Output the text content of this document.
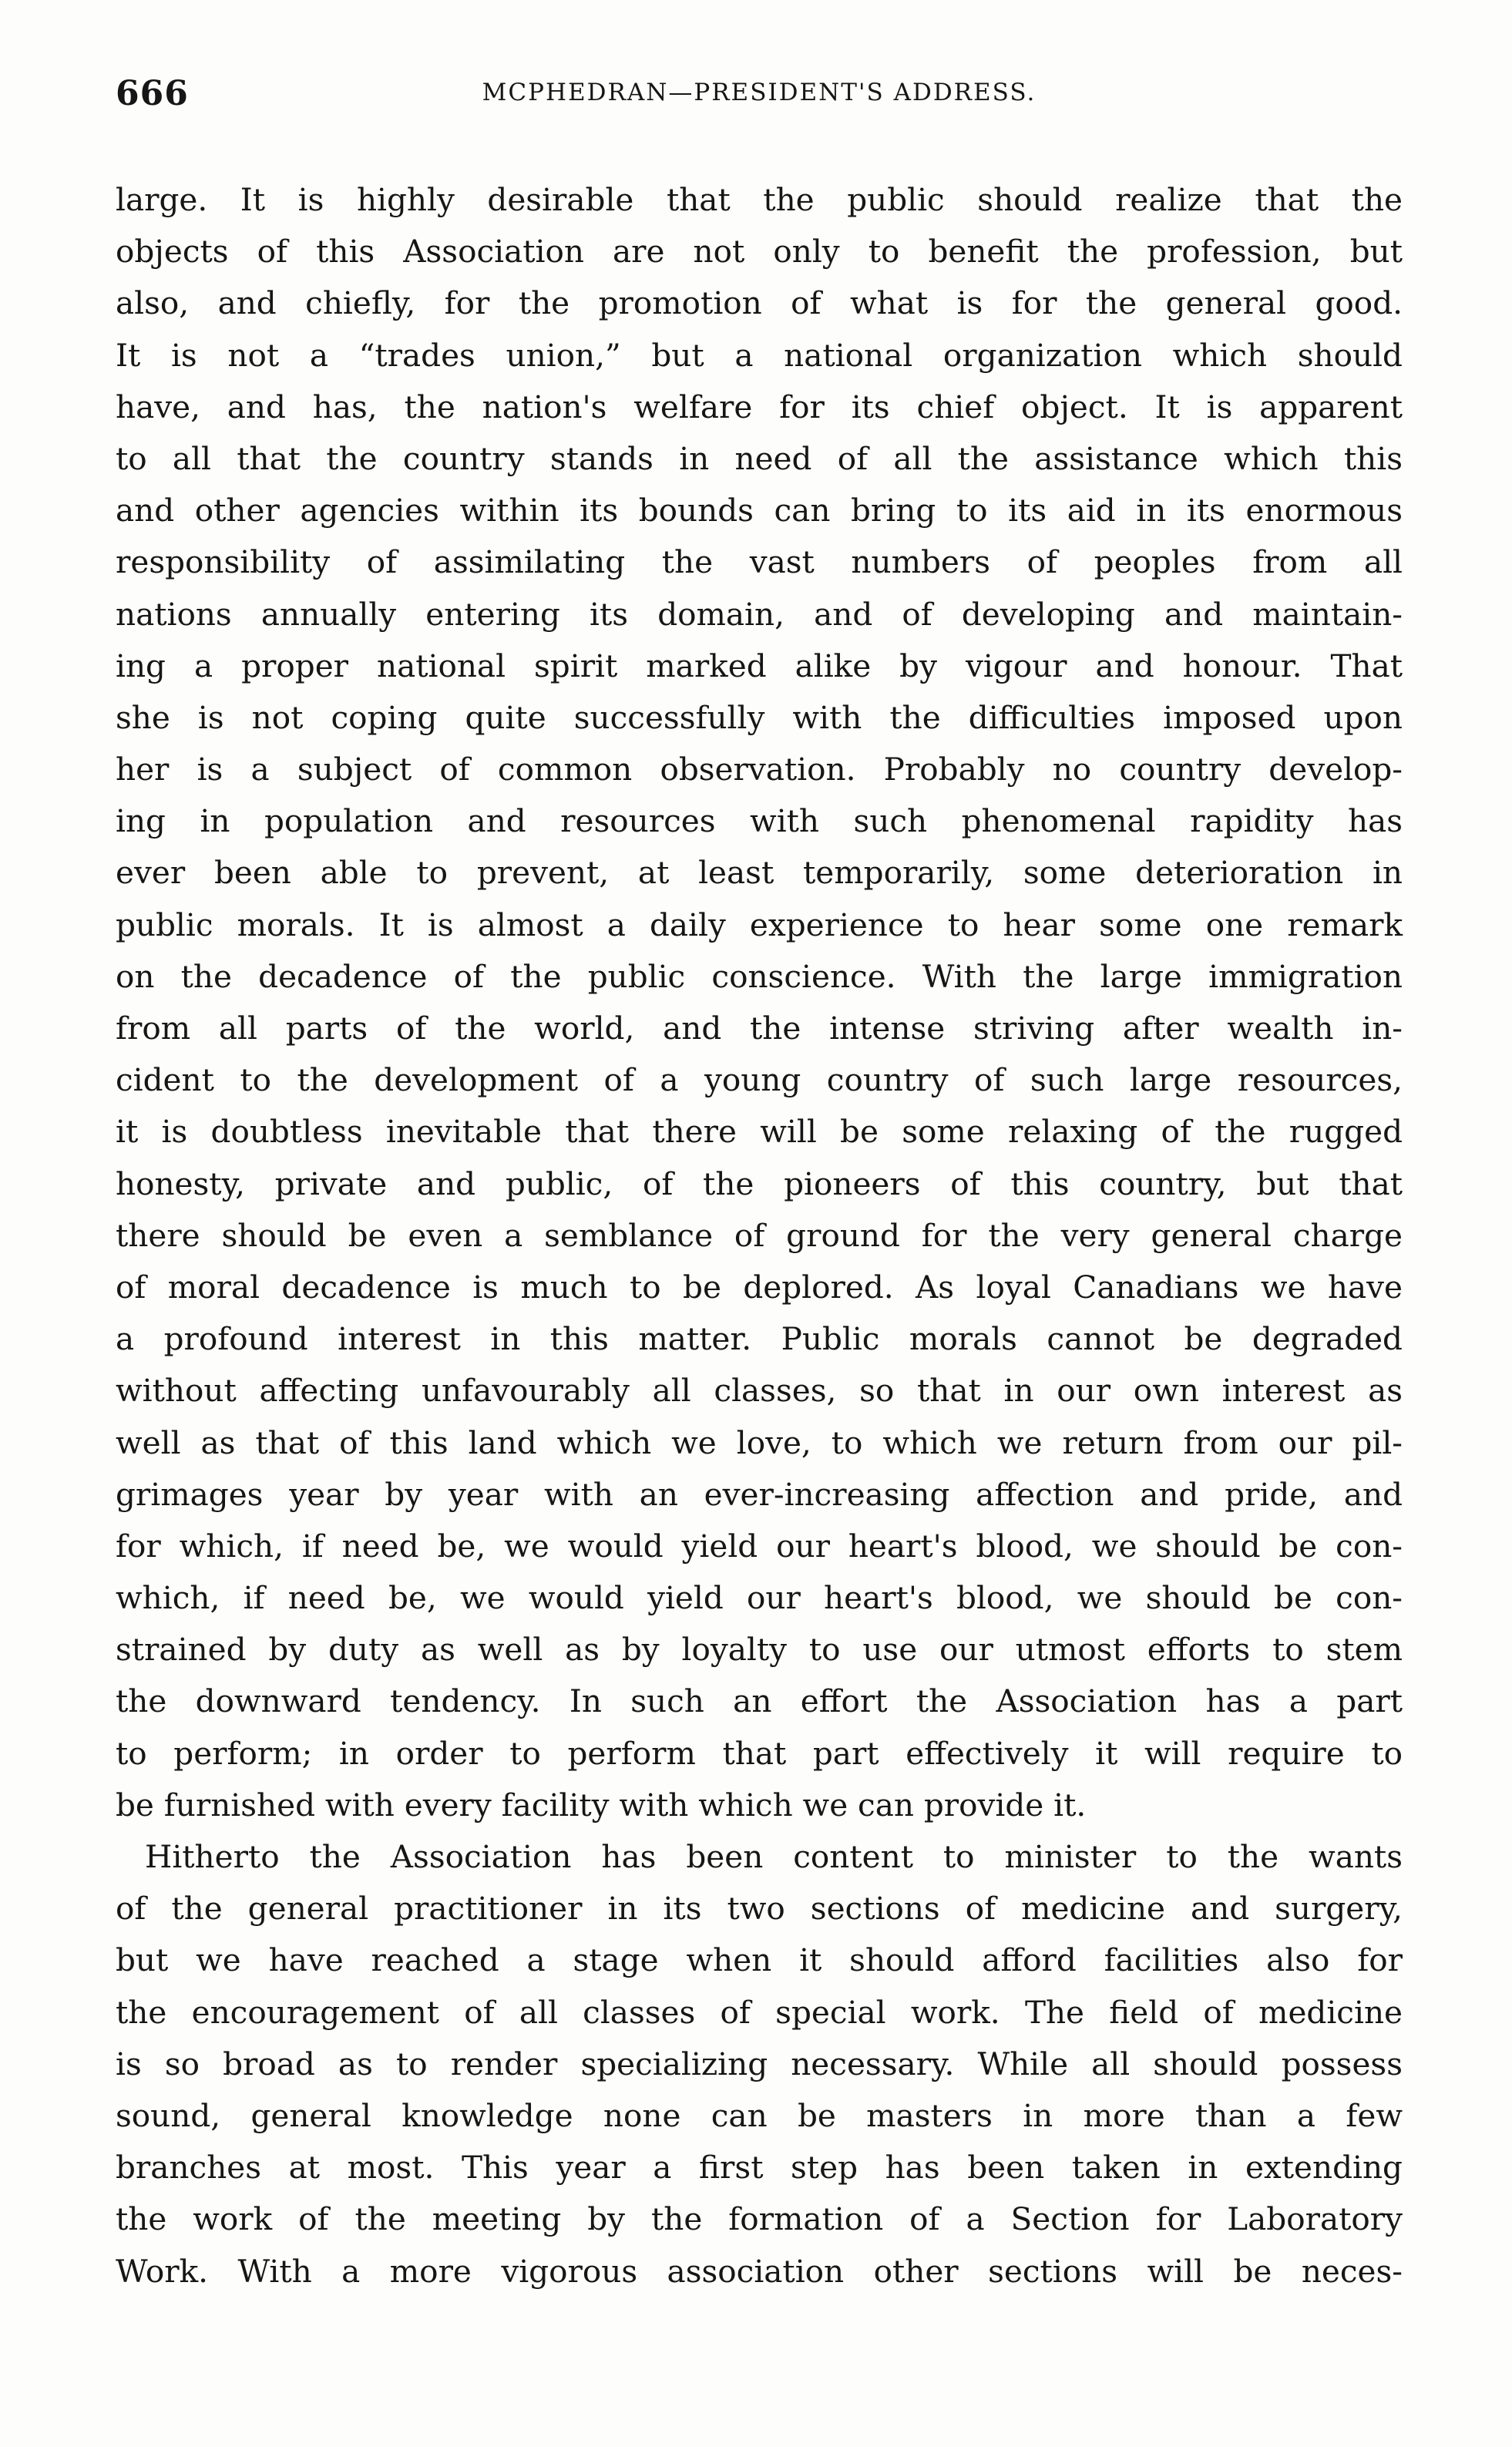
666	MCPHEDRAN—PRESIDENT'S ADDRESS.
large. It is highly desirable that the public should realize that the
objects of this Association are not only to benefit the profession, but
also, and chiefly, for the promotion of what is for the general good.
It is not a “trades union,” but a national organization which should
have, and has, the nation's welfare for its chief object. It is apparent
to all that the country stands in need of all the assistance which this
and other agencies within its bounds can bring to its aid in its enormous
responsibility of assimilating the vast numbers of peoples from all
nations annually entering its domain, and of developing and maintain-
ing a proper national spirit marked alike by vigour and honour. That
she is not coping quite successfully with the difficulties imposed upon
her is a subject of common observation. Probably no country develop-
ing in population and resources with such phenomenal rapidity has
ever been able to prevent, at least temporarily, some deterioration in
public morals. It is almost a daily experience to hear some one remark
on the decadence of the public conscience. With the large immigration
from all parts of the world, and the intense striving after wealth in-
cident to the development of a young country of such large resources,
it is doubtless inevitable that there will be some relaxing of the rugged
honesty, private and public, of the pioneers of this country, but that
there should be even a semblance of ground for the very general charge
of moral decadence is much to be deplored. As loyal Canadians we have
a profound interest in this matter. Public morals cannot be degraded
without affecting unfavourably all classes, so that in our own interest as
well as that of this land which we love, to which we return from our pil-
grimages year by year with an ever-increasing affection and pride, and
for which, if need be, we would yield our heart's blood, we should be con-
which, if need be, we would yield our heart's blood, we should be con-
strained by duty as well as by loyalty to use our utmost efforts to stem
the downward tendency. In such an effort the Association has a part
to perform; in order to perform that part effectively it will require to
be furnished with every facility with which we can provide it.
Hitherto the Association has been content to minister to the wants
of the general practitioner in its two sections of medicine and surgery,
but we have reached a stage when it should afford facilities also for
the encouragement of all classes of special work. The field of medicine
is so broad as to render specializing necessary. While all should possess
sound, general knowledge none can be masters in more than a few
branches at most. This year a first step has been taken in extending
the work of the meeting by the formation of a Section for Laboratory
Work. With a more vigorous association other sections will be neces-
